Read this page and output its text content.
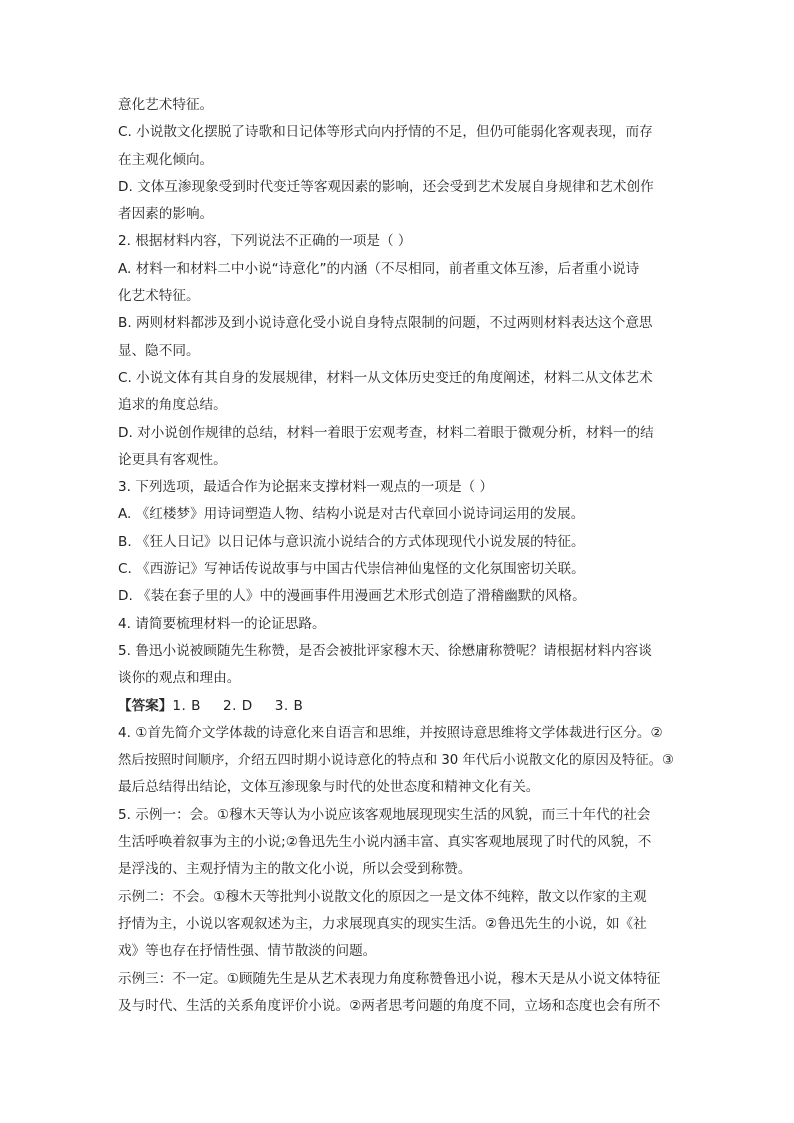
意化艺术特征。
C. 小说散文化摆脱了诗歌和日记体等形式向内抒情的不足，但仍可能弱化客观表现，而存
在主观化倾向。
D. 文体互渗现象受到时代变迁等客观因素的影响，还会受到艺术发展自身规律和艺术创作
者因素的影响。
2. 根据材料内容，下列说法不正确的一项是（ ）
A. 材料一和材料二中小说“诗意化”的内涵（不尽相同，前者重文体互渗，后者重小说诗
化艺术特征。
B. 两则材料都涉及到小说诗意化受小说自身特点限制的问题，不过两则材料表达这个意思
显、隐不同。
C. 小说文体有其自身的发展规律，材料一从文体历史变迁的角度阐述，材料二从文体艺术
追求的角度总结。
D. 对小说创作规律的总结，材料一着眼于宏观考查，材料二着眼于微观分析，材料一的结
论更具有客观性。
3. 下列选项，最适合作为论据来支撑材料一观点的一项是（ ）
A. 《红楼梦》用诗词塑造人物、结构小说是对古代章回小说诗词运用的发展。
B. 《狂人日记》以日记体与意识流小说结合的方式体现现代小说发展的特征。
C. 《西游记》写神话传说故事与中国古代崇信神仙鬼怪的文化氛围密切关联。
D. 《装在套子里的人》中的漫画事件用漫画艺术形式创造了滑稽幽默的风格。
4. 请简要梳理材料一的论证思路。
5. 鲁迅小说被顾随先生称赞，是否会被批评家穆木天、徐懋庸称赞呢？请根据材料内容谈
谈你的观点和理由。
【答案】1. B 2. D 3. B
4. ①首先简介文学体裁的诗意化来自语言和思维，并按照诗意思维将文学体裁进行区分。②
然后按照时间顺序，介绍五四时期小说诗意化的特点和 30 年代后小说散文化的原因及特征。③
最后总结得出结论，文体互渗现象与时代的处世态度和精神文化有关。
5. 示例一：会。①穆木天等认为小说应该客观地展现现实生活的风貌，而三十年代的社会
生活呼唤着叙事为主的小说;②鲁迅先生小说内涵丰富、真实客观地展现了时代的风貌，不
是浮浅的、主观抒情为主的散文化小说，所以会受到称赞。
示例二：不会。①穆木天等批判小说散文化的原因之一是文体不纯粹，散文以作家的主观
抒情为主，小说以客观叙述为主，力求展现真实的现实生活。②鲁迅先生的小说，如《社
戏》等也存在抒情性强、情节散淡的问题。
示例三：不一定。①顾随先生是从艺术表现力角度称赞鲁迅小说，穆木天是从小说文体特征
及与时代、生活的关系角度评价小说。②两者思考问题的角度不同，立场和态度也会有所不
